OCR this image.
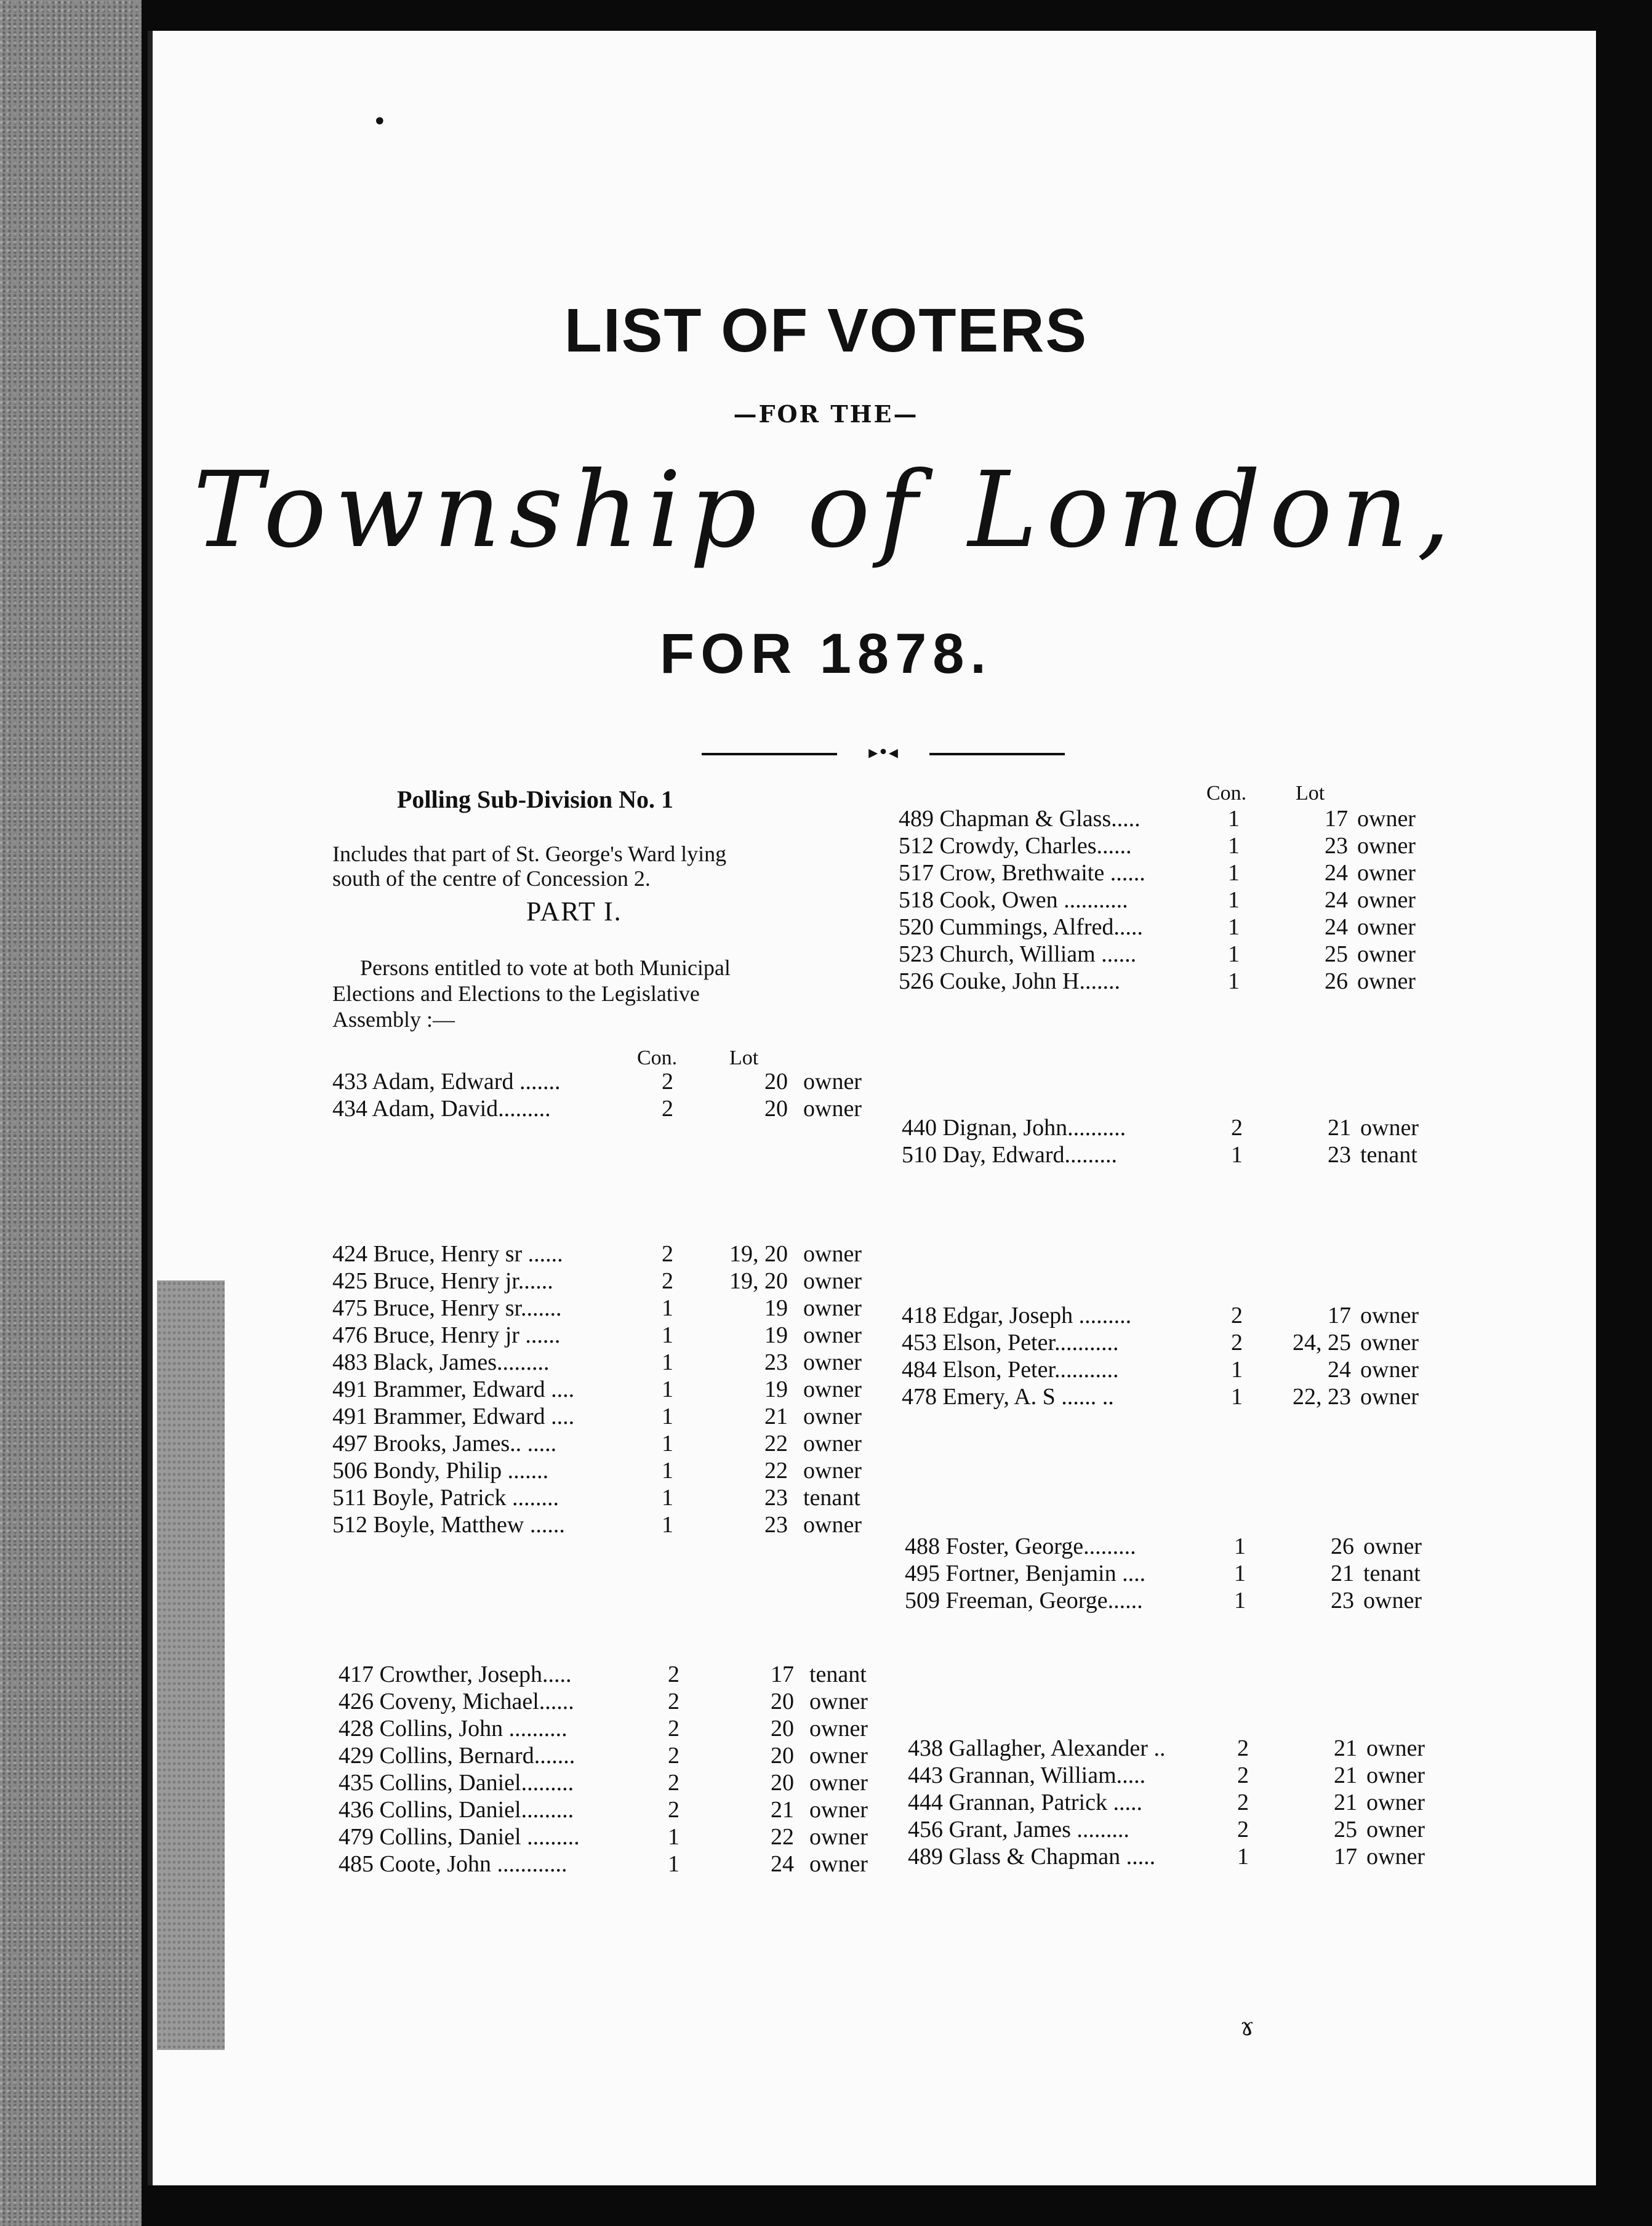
LIST OF VOTERS
—FOR THE—
Township of London,
FOR 1878.
▸•◂
Polling Sub-Division No. 1
Includes that part of St. George's Ward lying
south of the centre of Concession 2.
PART I.
Persons entitled to vote at both Municipal
Elections and Elections to the Legislative
Assembly :—
Con. Lot
Con. Lot
433 Adam, Edward .......	2	20 owner
434 Adam, David.........	2	20 owner
424 Bruce, Henry sr ......	2	19, 20 owner
425 Bruce, Henry jr......	2	19, 20 owner
475 Bruce, Henry sr.......	1	19 owner
476 Bruce, Henry jr ......	1	19 owner
483 Black, James.........	1	23 owner
491 Brammer, Edward ....	1	19 owner
491 Brammer, Edward ....	1	21 owner
497 Brooks, James.. .....	1	22 owner
506 Bondy, Philip .......	1	22 owner
511 Boyle, Patrick ........	1	23 tenant
512 Boyle, Matthew ......	1	23 owner
417 Crowther, Joseph.....	2	17 tenant
426 Coveny, Michael......	2	20 owner
428 Collins, John ..........	2	20 owner
429 Collins, Bernard.......	2	20 owner
435 Collins, Daniel.........	2	20 owner
436 Collins, Daniel.........	2	21 owner
479 Collins, Daniel .........	1	22 owner
485 Coote, John ............	1	24 owner
489 Chapman & Glass.....	1	17 owner
512 Crowdy, Charles......	1	23 owner
517 Crow, Brethwaite ......	1	24 owner
518 Cook, Owen ...........	1	24 owner
520 Cummings, Alfred.....	1	24 owner
523 Church, William ......	1	25 owner
526 Couke, John H.......	1	26 owner
440 Dignan, John..........	2	21 owner
510 Day, Edward.........	1	23 tenant
418 Edgar, Joseph .........	2	17 owner
453 Elson, Peter...........	2	24, 25 owner
484 Elson, Peter...........	1	24 owner
478 Emery, A. S ...... ..	1	22, 23 owner
488 Foster, George.........	1	26 owner
495 Fortner, Benjamin ....	1	21 tenant
509 Freeman, George......	1	23 owner
438 Gallagher, Alexander ..	2	21 owner
443 Grannan, William.....	2	21 owner
444 Grannan, Patrick .....	2	21 owner
456 Grant, James .........	2	25 owner
489 Glass & Chapman .....	1	17 owner
•
ɤ
